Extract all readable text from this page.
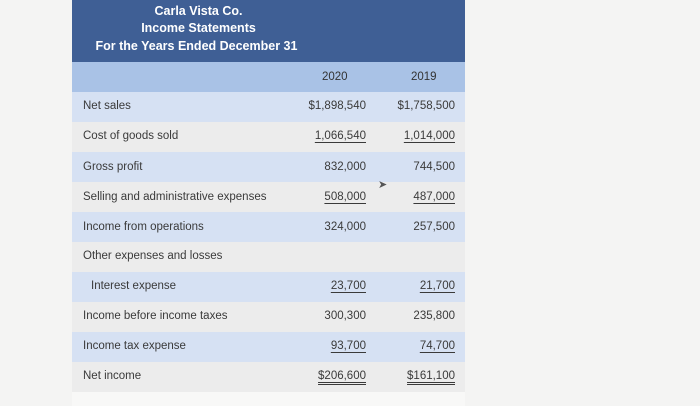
Carla Vista Co.
Income Statements
For the Years Ended December 31
2020	2019
Net sales	$1,898,540	$1,758,500
Cost of goods sold	1,066,540	1,014,000
Gross profit	832,000	744,500
Selling and administrative expenses	508,000	487,000
Income from operations	324,000	257,500
Other expenses and losses
Interest expense	23,700	21,700
Income before income taxes	300,300	235,800
Income tax expense	93,700	74,700
Net income	$206,600	$161,100
➤
